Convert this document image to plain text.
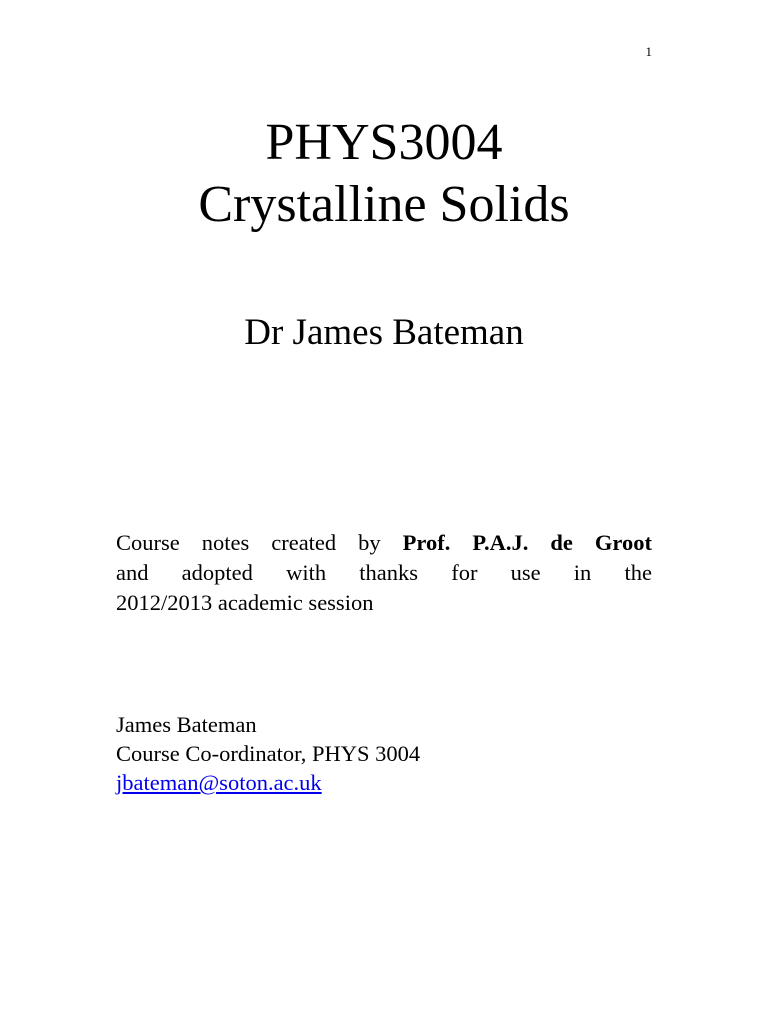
1
PHYS3004
Crystalline Solids
Dr James Bateman
Course notes created by Prof. P.A.J. de Groot
and adopted with thanks for use in the
2012/2013 academic session
James Bateman
Course Co-ordinator, PHYS 3004
jbateman@soton.ac.uk
